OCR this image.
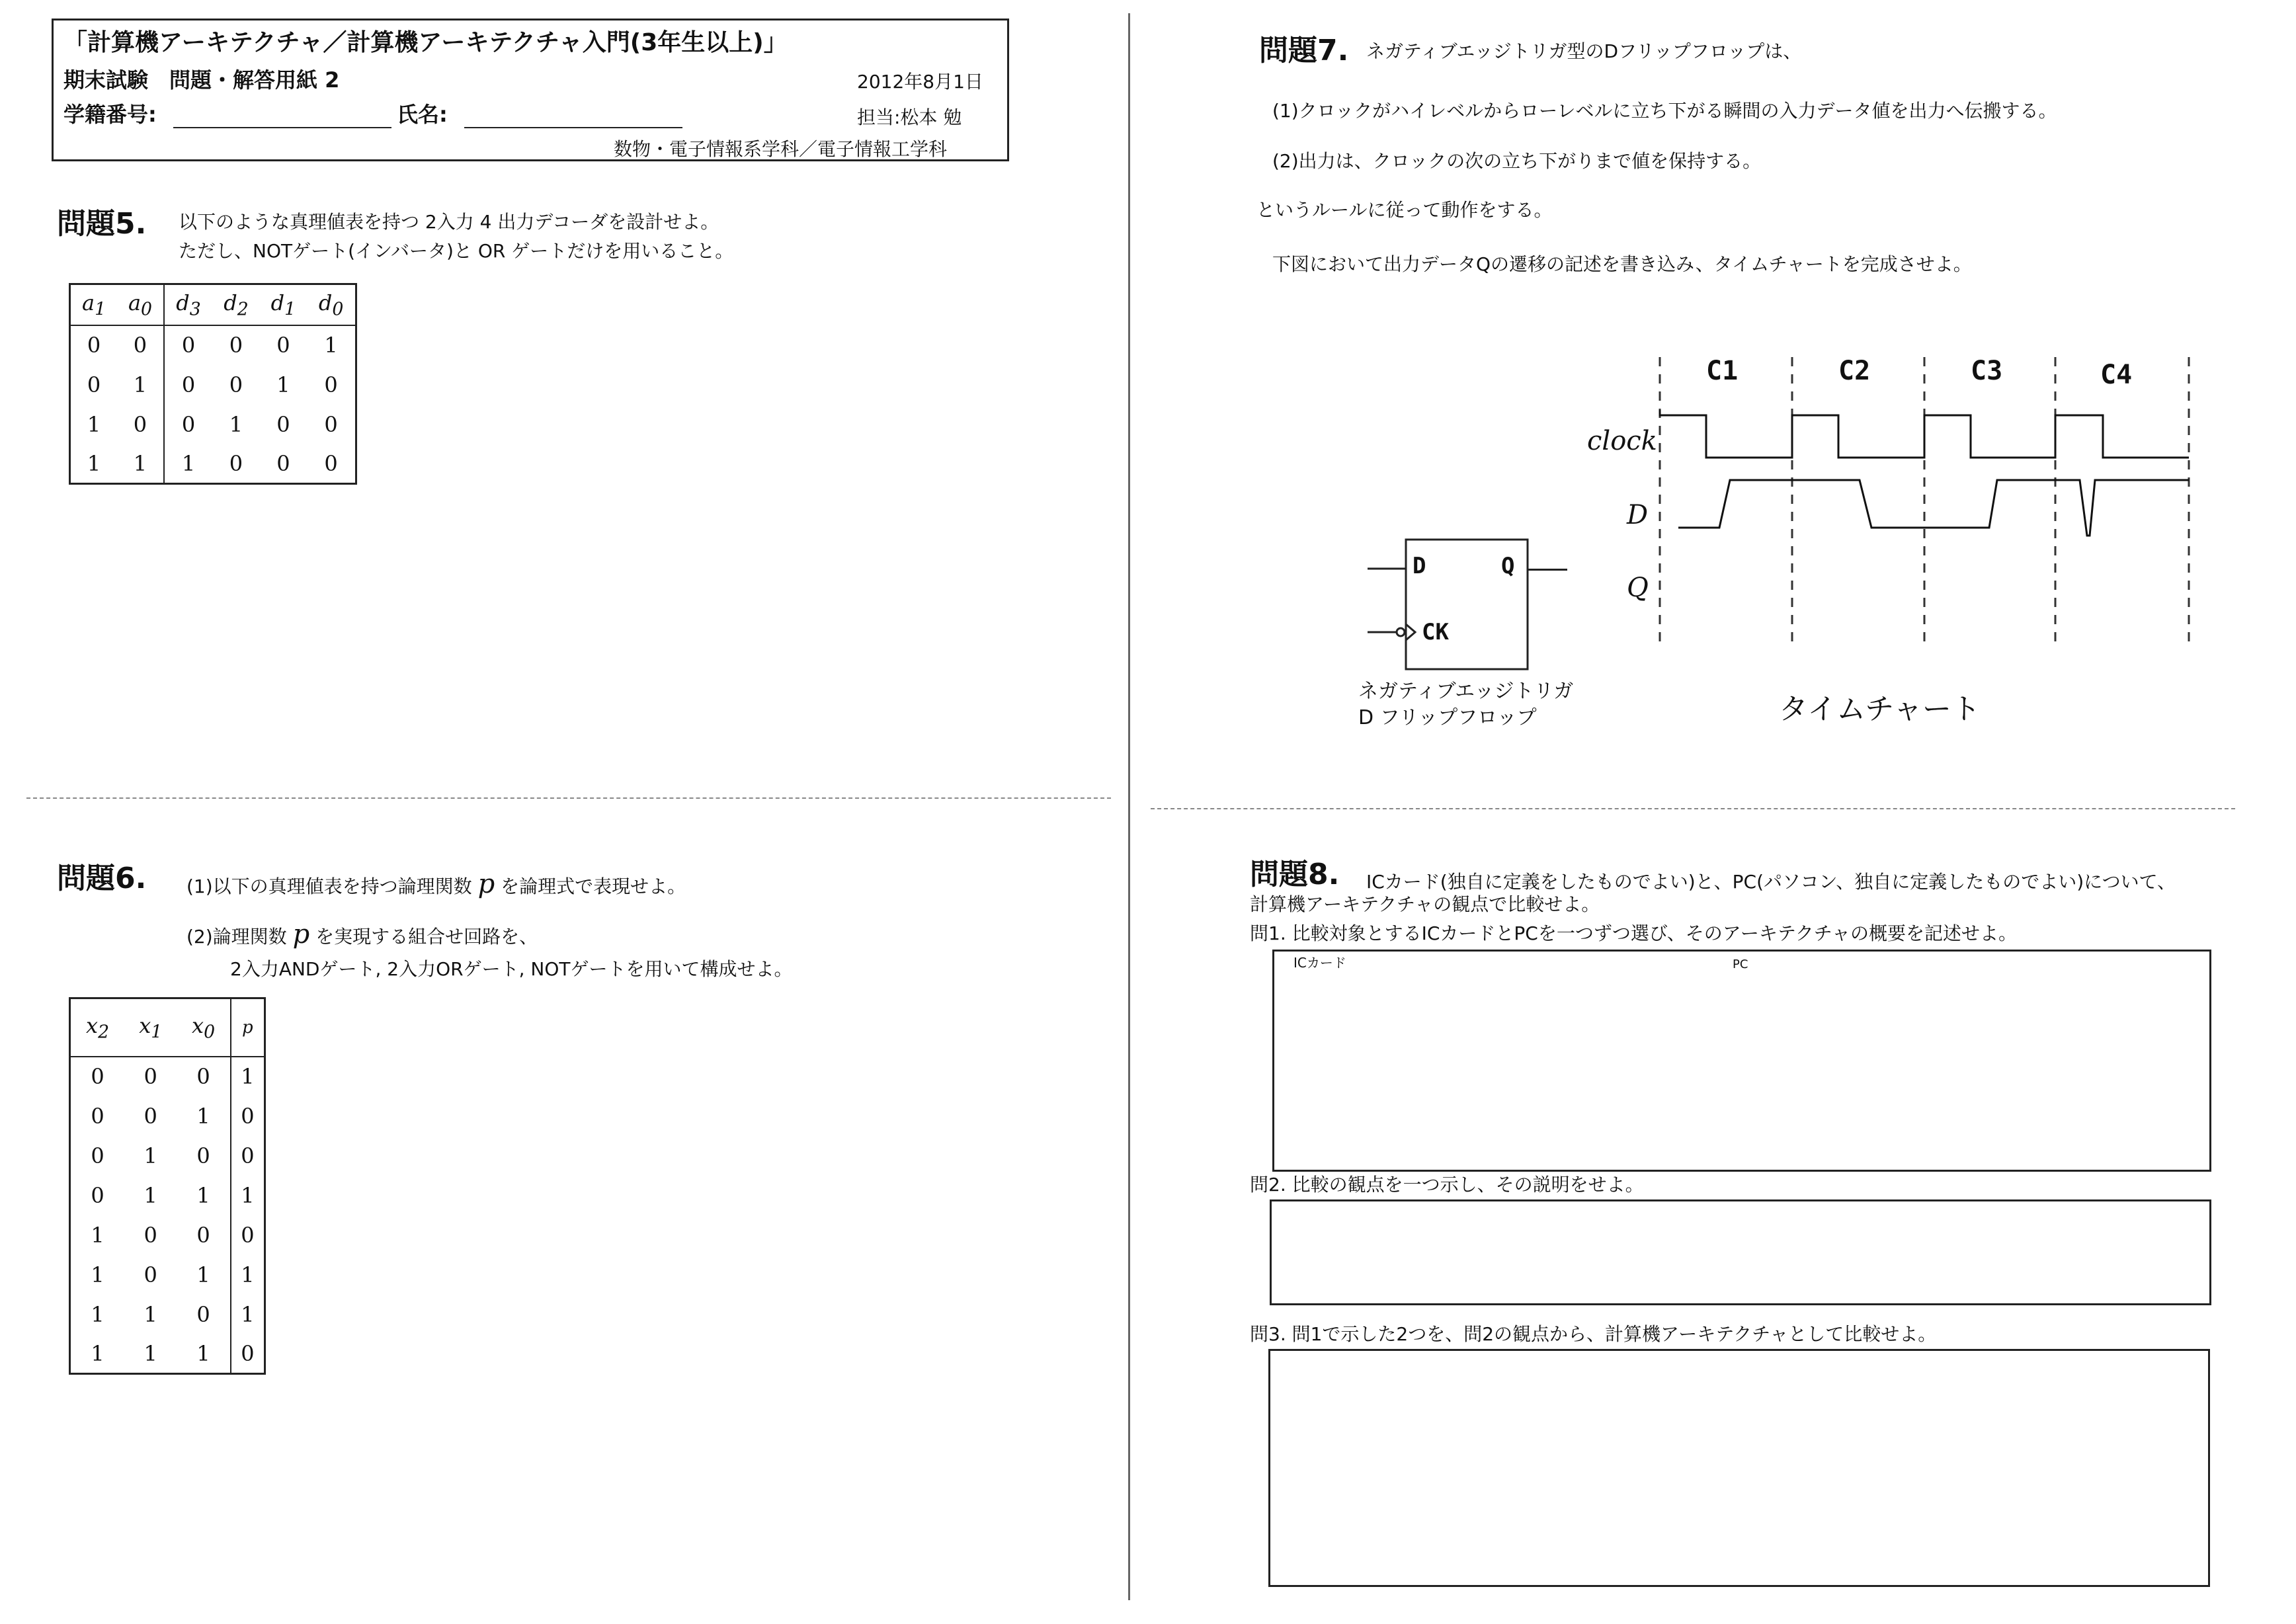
「計算機アーキテクチャ／計算機アーキテクチャ入門(3年生以上)」
期末試験　問題・解答用紙 2	2012年8月1日
学籍番号:	氏名:	担当:松本 勉
数物・電子情報系学科／電子情報工学科
問題5. 以下のような真理値表を持つ 2入力 4 出力デコーダを設計せよ。
ただし、NOTゲート(インバータ)と OR ゲートだけを用いること。
$a_1$	$a_0$	$d_3$	$d_2$	$d_1$	$d_0$
0	0	0	0	0	1
0	1	0	0	1	0
1	0	0	1	0	0
1	1	1	0	0	0
問題6. (1)以下の真理値表を持つ論理関数 p を論理式で表現せよ。
(2)論理関数 p を実現する組合せ回路を、
2入力ANDゲート, 2入力ORゲート, NOTゲートを用いて構成せよ。
$x_2$	$x_1$	$x_0$	p
0	0	0	1
0	0	1	0
0	1	0	0
0	1	1	1
1	0	0	0
1	0	1	1
1	1	0	1
1	1	1	0
問題7. ネガティブエッジトリガ型のDフリップフロップは、
(1)クロックがハイレベルからローレベルに立ち下がる瞬間の入力データ値を出力へ伝搬する。
(2)出力は、クロックの次の立ち下がりまで値を保持する。
というルールに従って動作をする。
下図において出力データQの遷移の記述を書き込み、タイムチャートを完成させよ。
clock
D
Q
C1	C2	C3	C4
D	Q
CK
ネガティブエッジトリガ
D フリップフロップ	タイムチャート
問題8. ICカード(独自に定義をしたものでよい)と、PC(パソコン、独自に定義したものでよい)について、
計算機アーキテクチャの観点で比較せよ。
問1. 比較対象とするICカードとPCを一つずつ選び、そのアーキテクチャの概要を記述せよ。
ICカード	PC
問2. 比較の観点を一つ示し、その説明をせよ。
問3. 問1で示した2つを、問2の観点から、計算機アーキテクチャとして比較せよ。
